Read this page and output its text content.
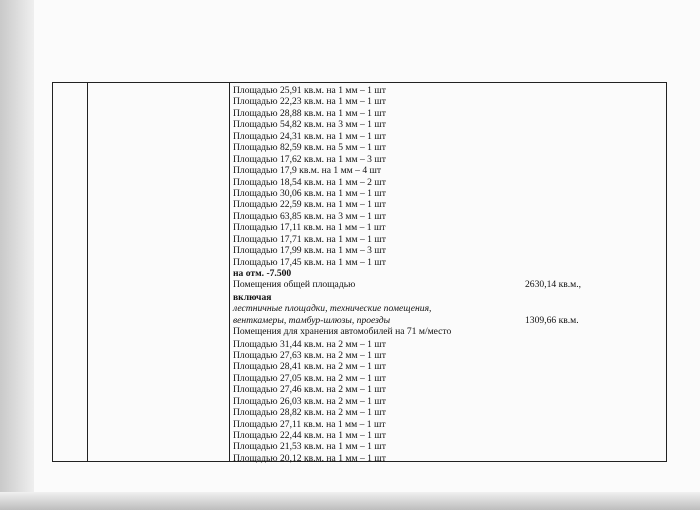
Площадью 25,91 кв.м. на 1 мм – 1 шт
Площадью 22,23 кв.м. на 1 мм – 1 шт
Площадью 28,88 кв.м. на 1 мм – 1 шт
Площадью 54,82 кв.м. на 3 мм – 1 шт
Площадью 24,31 кв.м. на 1 мм – 1 шт
Площадью 82,59 кв.м. на 5 мм – 1 шт
Площадью 17,62 кв.м. на 1 мм – 3 шт
Площадью 17,9 кв.м. на 1 мм – 4 шт
Площадью 18,54 кв.м. на 1 мм – 2 шт
Площадью 30,06 кв.м. на 1 мм – 1 шт
Площадью 22,59 кв.м. на 1 мм – 1 шт
Площадью 63,85 кв.м. на 3 мм – 1 шт
Площадью 17,11 кв.м. на 1 мм – 1 шт
Площадью 17,71 кв.м. на 1 мм – 1 шт
Площадью 17,99 кв.м. на 1 мм – 3 шт
Площадью 17,45 кв.м. на 1 мм – 1 шт
на отм. -7.500
Помещения общей площадью	2630,14 кв.м.,
включая
лестничные площадки, технические помещения,
венткамеры, тамбур-шлюзы, проезды	1309,66 кв.м.
Помещения для хранения автомобилей на 71 м/место
Площадью 31,44 кв.м. на 2 мм – 1 шт
Площадью 27,63 кв.м. на 2 мм – 1 шт
Площадью 28,41 кв.м. на 2 мм – 1 шт
Площадью 27,05 кв.м. на 2 мм – 1 шт
Площадью 27,46 кв.м. на 2 мм – 1 шт
Площадью 26,03 кв.м. на 2 мм – 1 шт
Площадью 28,82 кв.м. на 2 мм – 1 шт
Площадью 27,11 кв.м. на 1 мм – 1 шт
Площадью 22,44 кв.м. на 1 мм – 1 шт
Площадью 21,53 кв.м. на 1 мм – 1 шт
Площадью 20,12 кв.м. на 1 мм – 1 шт
